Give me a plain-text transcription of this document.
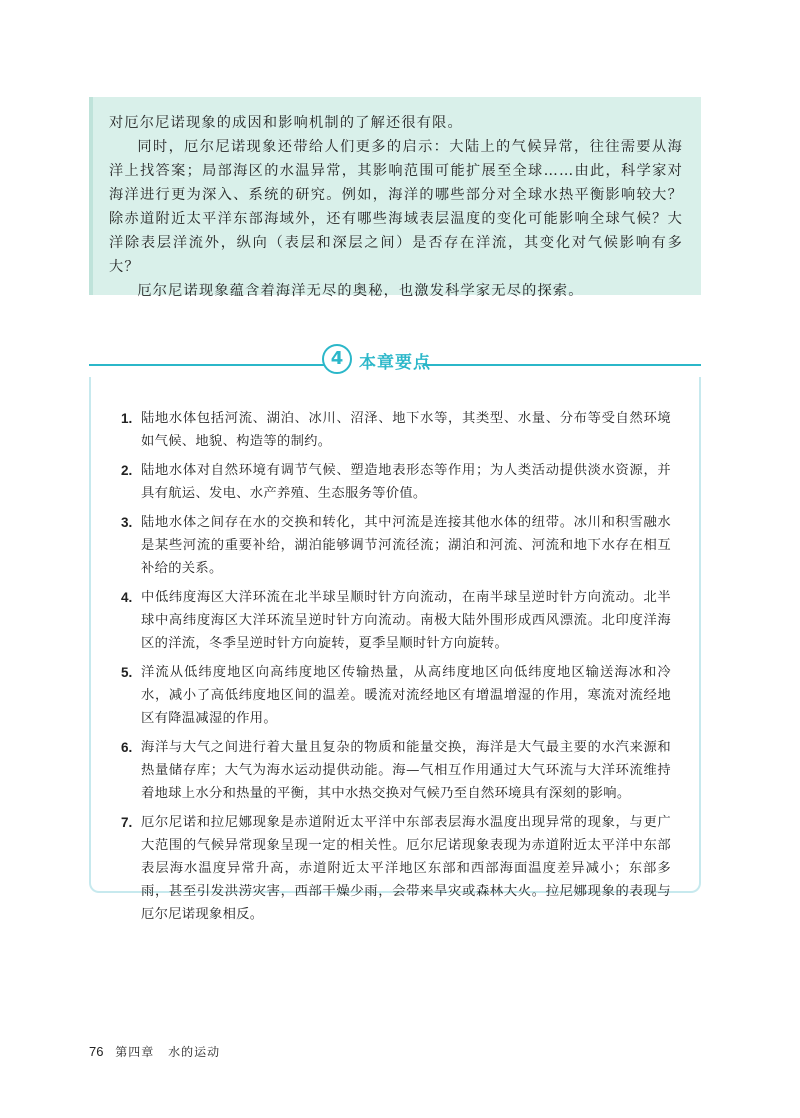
对厄尔尼诺现象的成因和影响机制的了解还很有限。

同时，厄尔尼诺现象还带给人们更多的启示：大陆上的气候异常，往往需要从海洋上找答案；局部海区的水温异常，其影响范围可能扩展至全球……由此，科学家对海洋进行更为深入、系统的研究。例如，海洋的哪些部分对全球水热平衡影响较大？除赤道附近太平洋东部海域外，还有哪些海域表层温度的变化可能影响全球气候？大洋除表层洋流外，纵向（表层和深层之间）是否存在洋流，其变化对气候影响有多大？

厄尔尼诺现象蕴含着海洋无尽的奥秘，也激发科学家无尽的探索。

4 本章要点
1. 陆地水体包括河流、湖泊、冰川、沼泽、地下水等，其类型、水量、分布等受自然环境如气候、地貌、构造等的制约。
2. 陆地水体对自然环境有调节气候、塑造地表形态等作用；为人类活动提供淡水资源，并具有航运、发电、水产养殖、生态服务等价值。
3. 陆地水体之间存在水的交换和转化，其中河流是连接其他水体的纽带。冰川和积雪融水是某些河流的重要补给，湖泊能够调节河流径流；湖泊和河流、河流和地下水存在相互补给的关系。
4. 中低纬度海区大洋环流在北半球呈顺时针方向流动，在南半球呈逆时针方向流动。北半球中高纬度海区大洋环流呈逆时针方向流动。南极大陆外围形成西风漂流。北印度洋海区的洋流，冬季呈逆时针方向旋转，夏季呈顺时针方向旋转。
5. 洋流从低纬度地区向高纬度地区传输热量，从高纬度地区向低纬度地区输送海冰和冷水，减小了高低纬度地区间的温差。暖流对流经地区有增温增湿的作用，寒流对流经地区有降温减湿的作用。
6. 海洋与大气之间进行着大量且复杂的物质和能量交换，海洋是大气最主要的水汽来源和热量储存库；大气为海水运动提供动能。海—气相互作用通过大气环流与大洋环流维持着地球上水分和热量的平衡，其中水热交换对气候乃至自然环境具有深刻的影响。
7. 厄尔尼诺和拉尼娜现象是赤道附近太平洋中东部表层海水温度出现异常的现象，与更广大范围的气候异常现象呈现一定的相关性。厄尔尼诺现象表现为赤道附近太平洋中东部表层海水温度异常升高，赤道附近太平洋地区东部和西部海面温度差异减小；东部多雨，甚至引发洪涝灾害，西部干燥少雨，会带来旱灾或森林大火。拉尼娜现象的表现与厄尔尼诺现象相反。
76 第四章 水的运动
